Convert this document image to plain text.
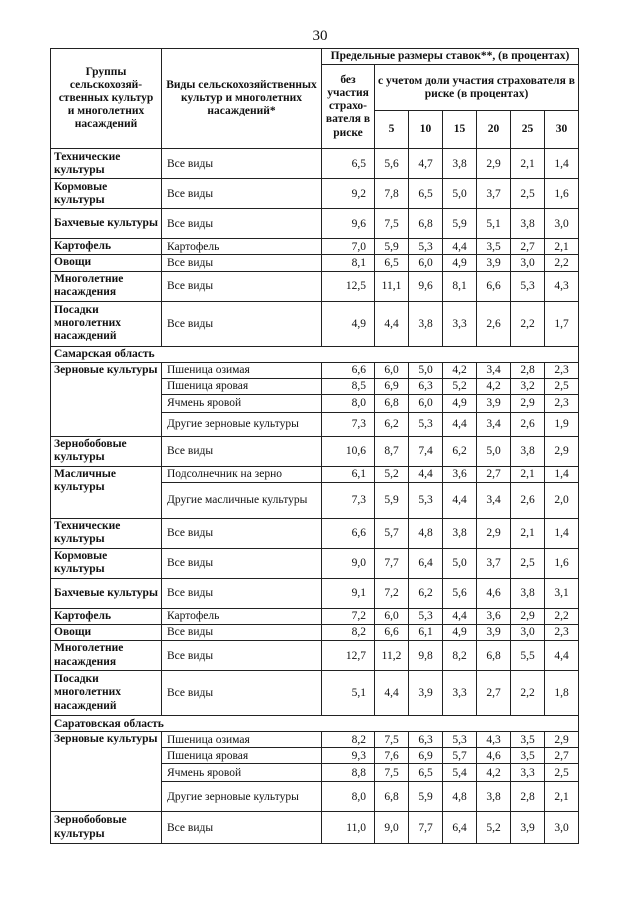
30
Группы сельскохозяй-ственных культур и многолетних насаждений	Виды сельскохозяйственных культур и многолетних насаждений*	Предельные размеры ставок**, (в процентах)						
		без участия страхо-вателя в риске	с учетом доли участия страхователя в риске (в процентах)					
			5	10	15	20	25	30
Технические культуры	Все виды	6,5	5,6	4,7	3,8	2,9	2,1	1,4
Кормовые культуры	Все виды	9,2	7,8	6,5	5,0	3,7	2,5	1,6
Бахчевые культуры	Все виды	9,6	7,5	6,8	5,9	5,1	3,8	3,0
Картофель	Картофель	7,0	5,9	5,3	4,4	3,5	2,7	2,1
Овощи	Все виды	8,1	6,5	6,0	4,9	3,9	3,0	2,2
Многолетние насаждения	Все виды	12,5	11,1	9,6	8,1	6,6	5,3	4,3
Посадки многолетних насаждений	Все виды	4,9	4,4	3,8	3,3	2,6	2,2	1,7
Самарская область								
Зерновые культуры	Пшеница озимая	6,6	6,0	5,0	4,2	3,4	2,8	2,3
	Пшеница яровая	8,5	6,9	6,3	5,2	4,2	3,2	2,5
	Ячмень яровой	8,0	6,8	6,0	4,9	3,9	2,9	2,3
	Другие зерновые культуры	7,3	6,2	5,3	4,4	3,4	2,6	1,9
Зернобобовые культуры	Все виды	10,6	8,7	7,4	6,2	5,0	3,8	2,9
Масличные культуры	Подсолнечник на зерно	6,1	5,2	4,4	3,6	2,7	2,1	1,4
	Другие масличные культуры	7,3	5,9	5,3	4,4	3,4	2,6	2,0
Технические культуры	Все виды	6,6	5,7	4,8	3,8	2,9	2,1	1,4
Кормовые культуры	Все виды	9,0	7,7	6,4	5,0	3,7	2,5	1,6
Бахчевые культуры	Все виды	9,1	7,2	6,2	5,6	4,6	3,8	3,1
Картофель	Картофель	7,2	6,0	5,3	4,4	3,6	2,9	2,2
Овощи	Все виды	8,2	6,6	6,1	4,9	3,9	3,0	2,3
Многолетние насаждения	Все виды	12,7	11,2	9,8	8,2	6,8	5,5	4,4
Посадки многолетних насаждений	Все виды	5,1	4,4	3,9	3,3	2,7	2,2	1,8
Саратовская область								
Зерновые культуры	Пшеница озимая	8,2	7,5	6,3	5,3	4,3	3,5	2,9
	Пшеница яровая	9,3	7,6	6,9	5,7	4,6	3,5	2,7
	Ячмень яровой	8,8	7,5	6,5	5,4	4,2	3,3	2,5
	Другие зерновые культуры	8,0	6,8	5,9	4,8	3,8	2,8	2,1
Зернобобовые культуры	Все виды	11,0	9,0	7,7	6,4	5,2	3,9	3,0
